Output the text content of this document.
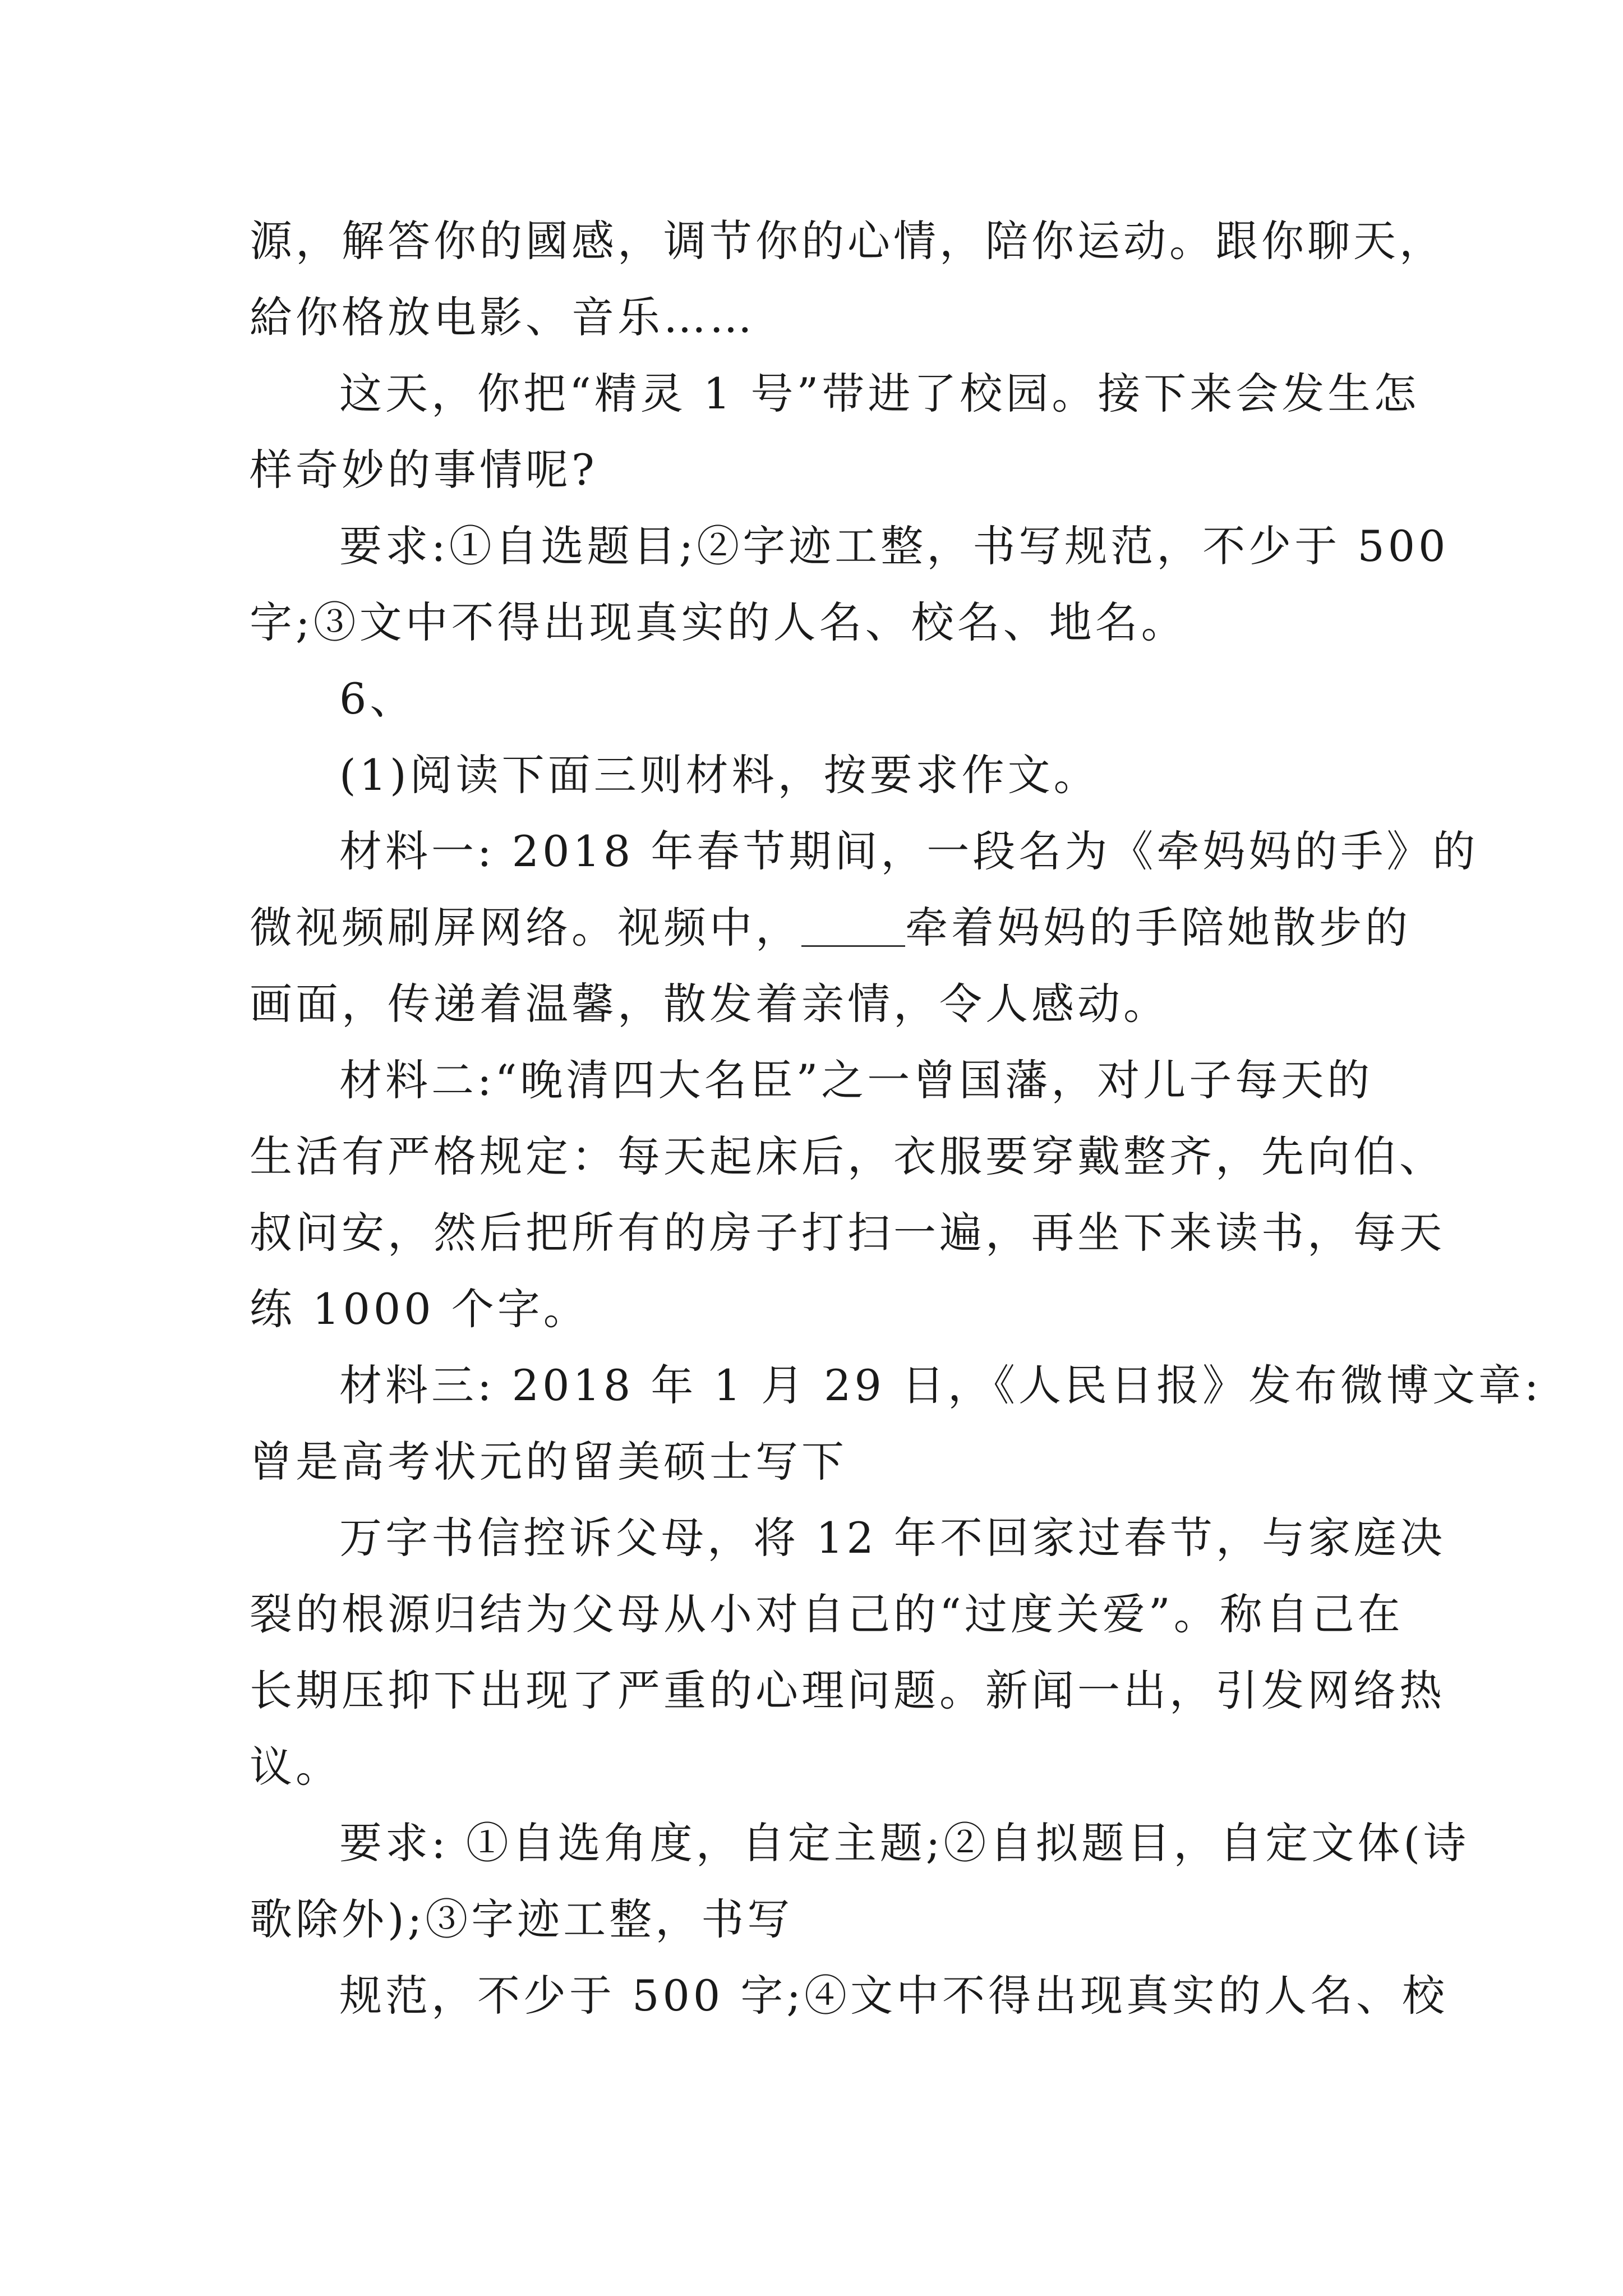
源，解答你的國感，调节你的心情，陪你运动。跟你聊天，
給你格放电影、音乐……
这天，你把“精灵 1 号”带进了校园。接下来会发生怎
样奇妙的事情呢?
要求:①自选题目;②字迹工整，书写规范，不少于 500
字;③文中不得出现真实的人名、校名、地名。
6、
(1)阅读下面三则材料，按要求作文。
材料一: 2018 年春节期间，一段名为《牵妈妈的手》的
微视频刷屏网络。视频中， 牵着妈妈的手陪她散步的
画面，传递着温馨，散发着亲情，令人感动。
材料二:“晚清四大名臣”之一曾国藩，对儿子每天的
生活有严格规定：每天起床后，衣服要穿戴整齐，先向伯、
叔问安，然后把所有的房子打扫一遍，再坐下来读书，每天
练 1000 个字。
材料三: 2018 年 1 月 29 日，《人民日报》发布微博文章:
曾是高考状元的留美硕士写下
万字书信控诉父母，将 12 年不回家过春节，与家庭决
裂的根源归结为父母从小对自己的“过度关爱”。称自己在
长期压抑下出现了严重的心理问题。新闻一出，引发网络热
议。
要求: ①自选角度，自定主题;②自拟题目，自定文体(诗
歌除外);③字迹工整，书写
规范，不少于 500 字;④文中不得出现真实的人名、校
